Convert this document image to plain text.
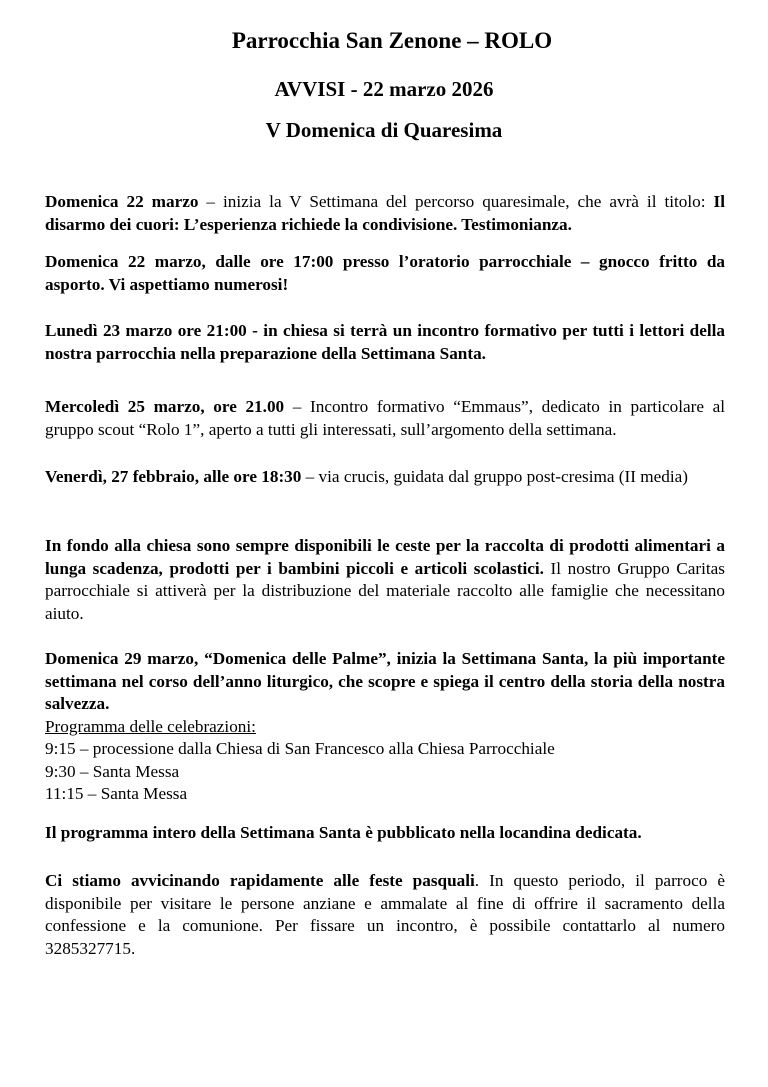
Parrocchia San Zenone – ROLO
AVVISI - 22 marzo 2026
V Domenica di Quaresima

Domenica 22 marzo – inizia la V Settimana del percorso quaresimale, che avrà il titolo: Il disarmo dei cuori: L’esperienza richiede la condivisione. Testimonianza.

Domenica 22 marzo, dalle ore 17:00 presso l’oratorio parrocchiale – gnocco fritto da asporto. Vi aspettiamo numerosi!

Lunedì 23 marzo ore 21:00 - in chiesa si terrà un incontro formativo per tutti i lettori della nostra parrocchia nella preparazione della Settimana Santa.

Mercoledì 25 marzo, ore 21.00 – Incontro formativo “Emmaus”, dedicato in particolare al gruppo scout “Rolo 1”, aperto a tutti gli interessati, sull’argomento della settimana.

Venerdì, 27 febbraio, alle ore 18:30 – via crucis, guidata dal gruppo post-cresima (II media)

In fondo alla chiesa sono sempre disponibili le ceste per la raccolta di prodotti alimentari a lunga scadenza, prodotti per i bambini piccoli e articoli scolastici. Il nostro Gruppo Caritas parrocchiale si attiverà per la distribuzione del materiale raccolto alle famiglie che necessitano aiuto.

Domenica 29 marzo, “Domenica delle Palme”, inizia la Settimana Santa, la più importante settimana nel corso dell’anno liturgico, che scopre e spiega il centro della storia della nostra salvezza.
Programma delle celebrazioni:
9:15 – processione dalla Chiesa di San Francesco alla Chiesa Parrocchiale
9:30 – Santa Messa
11:15 – Santa Messa

Il programma intero della Settimana Santa è pubblicato nella locandina dedicata.

Ci stiamo avvicinando rapidamente alle feste pasquali. In questo periodo, il parroco è disponibile per visitare le persone anziane e ammalate al fine di offrire il sacramento della confessione e la comunione. Per fissare un incontro, è possibile contattarlo al numero 3285327715.
